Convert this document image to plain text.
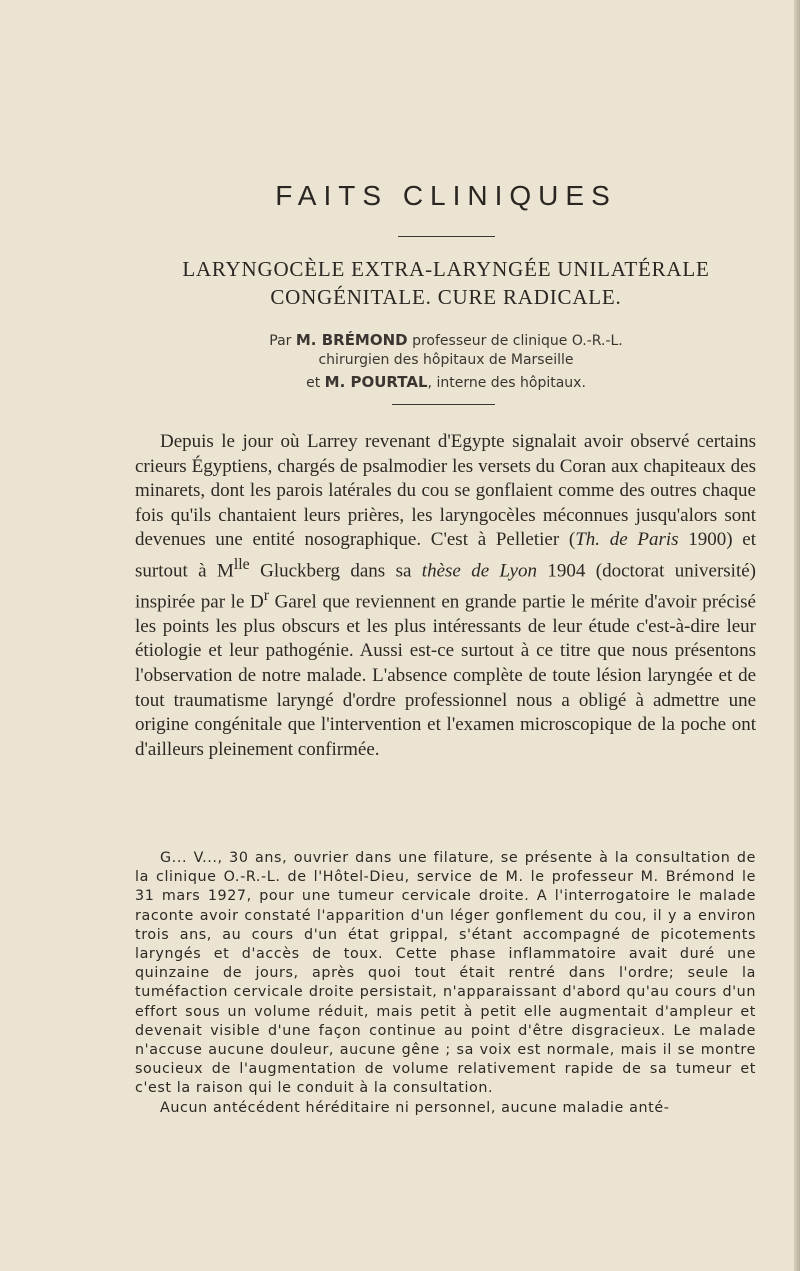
FAITS CLINIQUES
LARYNGOCÈLE EXTRA-LARYNGÉE UNILATÉRALE
CONGÉNITALE. CURE RADICALE.
Par M. BRÉMOND professeur de clinique O.-R.-L.
chirurgien des hôpitaux de Marseille
et M. POURTAL, interne des hôpitaux.

Depuis le jour où Larrey revenant d'Egypte signalait avoir observé certains crieurs Égyptiens, chargés de psalmodier les versets du Coran aux chapiteaux des minarets, dont les parois latérales du cou se gonflaient comme des outres chaque fois qu'ils chantaient leurs prières, les laryngocèles méconnues jusqu'alors sont devenues une entité nosographique. C'est à Pelletier (Th. de Paris 1900) et surtout à $M^{lle}$ Gluckberg dans sa thèse de Lyon 1904 (doctorat université) inspirée par le $D^r$ Garel que reviennent en grande partie le mérite d'avoir précisé les points les plus obscurs et les plus intéressants de leur étude c'est-à-dire leur étiologie et leur pathogénie. Aussi est-ce surtout à ce titre que nous présentons l'observation de notre malade. L'absence complète de toute lésion laryngée et de tout traumatisme laryngé d'ordre professionnel nous a obligé à admettre une origine congénitale que l'intervention et l'examen microscopique de la poche ont d'ailleurs pleinement confirmée.

G... V..., 30 ans, ouvrier dans une filature, se présente à la consultation de la clinique O.-R.-L. de l'Hôtel-Dieu, service de M. le professeur M. Brémond le 31 mars 1927, pour une tumeur cervicale droite. A l'interrogatoire le malade raconte avoir constaté l'apparition d'un léger gonflement du cou, il y a environ trois ans, au cours d'un état grippal, s'étant accompagné de picotements laryngés et d'accès de toux. Cette phase inflammatoire avait duré une quinzaine de jours, après quoi tout était rentré dans l'ordre; seule la tuméfaction cervicale droite persistait, n'apparaissant d'abord qu'au cours d'un effort sous un volume réduit, mais petit à petit elle augmentait d'ampleur et devenait visible d'une façon continue au point d'être disgracieux. Le malade n'accuse aucune douleur, aucune gêne ; sa voix est normale, mais il se montre soucieux de l'augmentation de volume relativement rapide de sa tumeur et c'est la raison qui le conduit à la consultation.

Aucun antécédent héréditaire ni personnel, aucune maladie anté-
